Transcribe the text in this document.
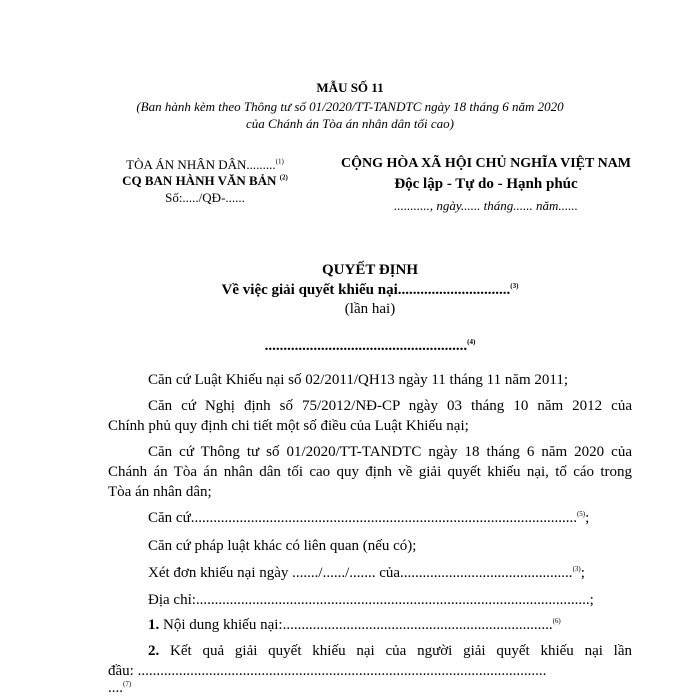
MẪU SỐ 11
(Ban hành kèm theo Thông tư số 01/2020/TT-TANDTC ngày 18 tháng 6 năm 2020
của Chánh án Tòa án nhân dân tối cao)
TÒA ÁN NHÂN DÂN.........$^{(1)}$
CQ BAN HÀNH VĂN BẢN $^{(2)}$
Số:...../QĐ-......
CỘNG HÒA XÃ HỘI CHỦ NGHĨA VIỆT NAM
Độc lập - Tự do - Hạnh phúc
..........., ngày...... tháng...... năm......
QUYẾT ĐỊNH
Về việc giải quyết khiếu nại..............................$^{(3)}$
(lần hai)
......................................................$^{(4)}$
Căn cứ Luật Khiếu nại số 02/2011/QH13 ngày 11 tháng 11 năm 2011;
Căn cứ Nghị định số 75/2012/NĐ-CP ngày 03 tháng 10 năm 2012 của
Chính phủ quy định chi tiết một số điều của Luật Khiếu nại;
Căn cứ Thông tư số 01/2020/TT-TANDTC ngày 18 tháng 6 năm 2020 của
Chánh án Tòa án nhân dân tối cao quy định về giải quyết khiếu nại, tố cáo trong
Tòa án nhân dân;
Căn cứ.......................................................................................................$^{(5)}$;
Căn cứ pháp luật khác có liên quan (nếu có);
Xét đơn khiếu nại ngày ......./....../....... của..............................................$^{(3)}$;
Địa chỉ:.........................................................................................................;
1. Nội dung khiếu nại:........................................................................$^{(6)}$
2. Kết quả giải quyết khiếu nại của người giải quyết khiếu nại lần
đầu: .............................................................................................................
....$^{(7)}$
